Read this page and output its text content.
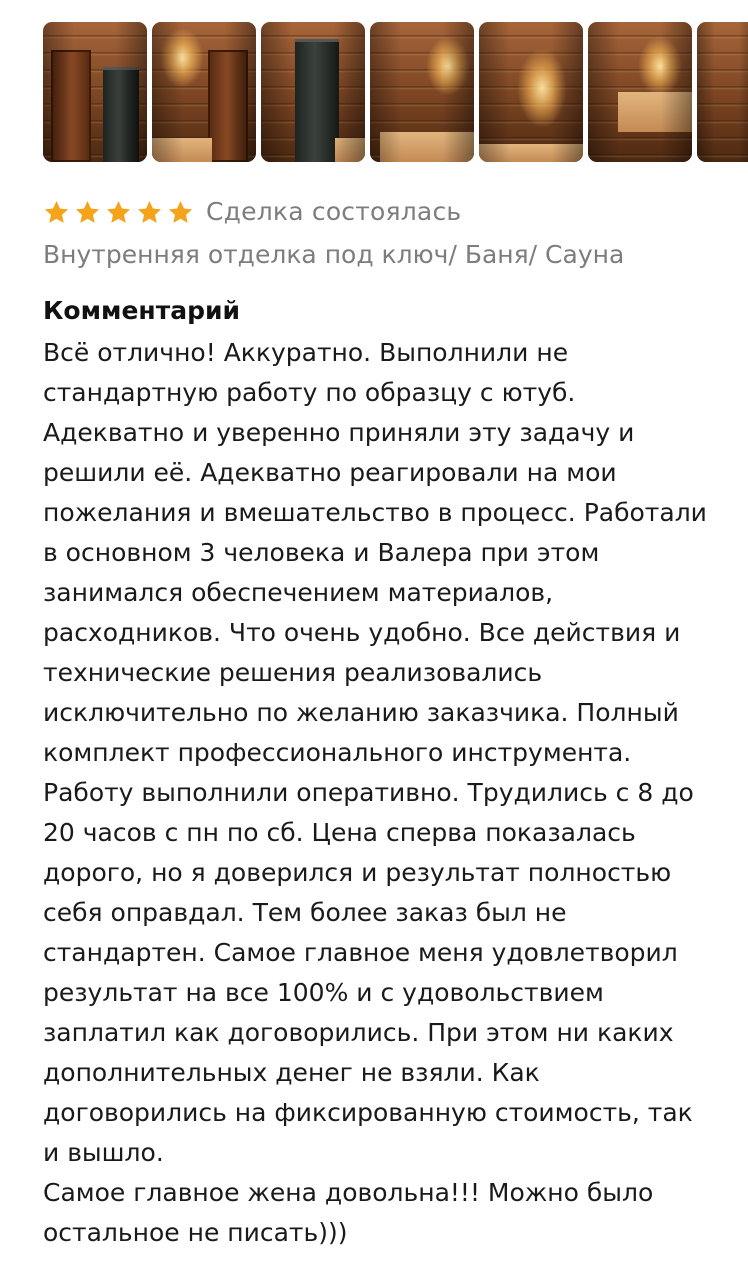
Сделка состоялась
Внутренняя отделка под ключ/ Баня/ Сауна
Комментарий
Всё отлично! Аккуратно. Выполнили не
стандартную работу по образцу с ютуб.
Адекватно и уверенно приняли эту задачу и
решили её. Адекватно реагировали на мои
пожелания и вмешательство в процесс. Работали
в основном 3 человека и Валера при этом
занимался обеспечением материалов,
расходников. Что очень удобно. Все действия и
технические решения реализовались
исключительно по желанию заказчика. Полный
комплект профессионального инструмента.
Работу выполнили оперативно. Трудились с 8 до
20 часов с пн по сб. Цена сперва показалась
дорого, но я доверился и результат полностью
себя оправдал. Тем более заказ был не
стандартен. Самое главное меня удовлетворил
результат на все 100% и с удовольствием
заплатил как договорились. При этом ни каких
дополнительных денег не взяли. Как
договорились на фиксированную стоимость, так
и вышло.
Самое главное жена довольна!!! Можно было
остальное не писать)))
